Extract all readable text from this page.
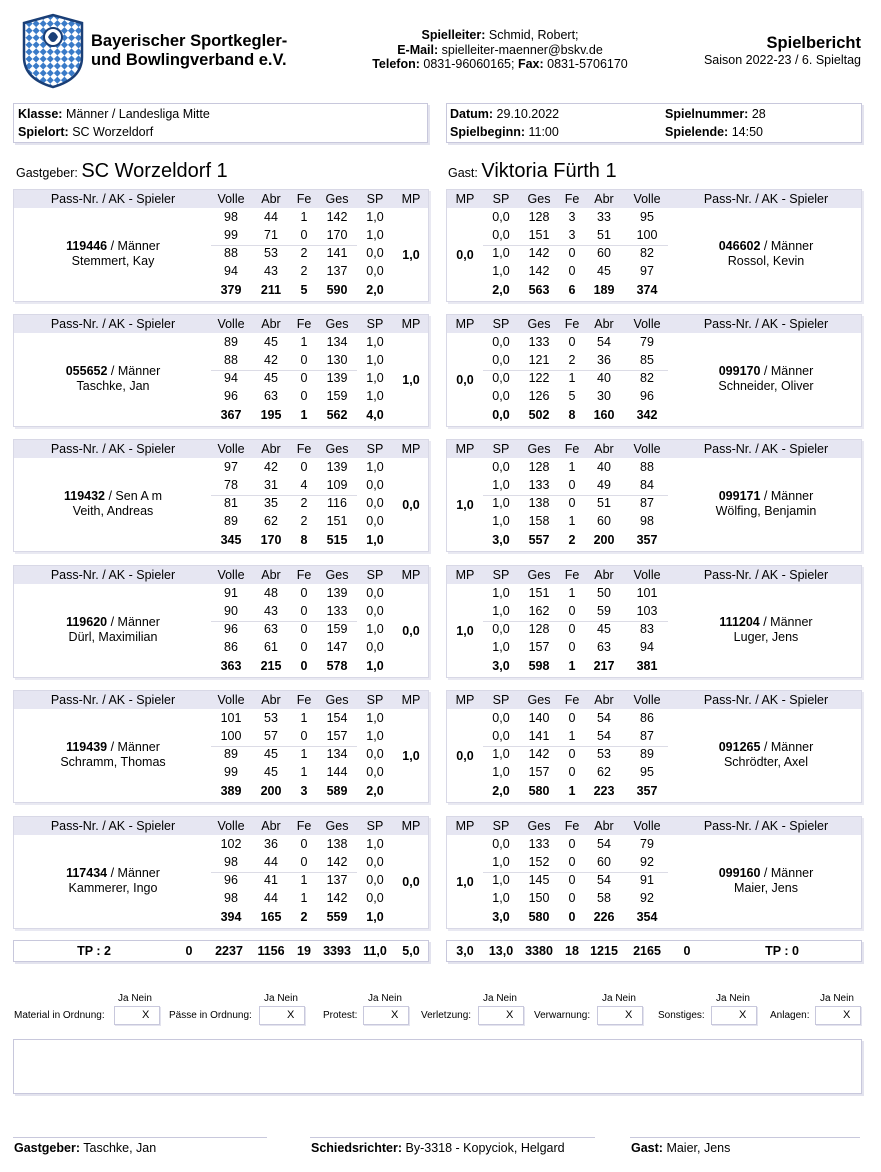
Bayerischer Sportkegler-
und Bowlingverband e.V.
Spielleiter: Schmid, Robert;
E-Mail: spielleiter-maenner@bskv.de
Telefon: 0831-96060165; Fax: 0831-5706170
Spielbericht
Saison 2022-23 / 6. Spieltag
Klasse: Männer / Landesliga Mitte
Spielort: SC Worzeldorf
Datum: 29.10.2022
Spielbeginn: 11:00
Spielnummer: 28
Spielende: 14:50
Gastgeber: SC Worzeldorf 1	Gast: Viktoria Fürth 1
Pass-Nr. / AK - Spieler	Volle	Abr	Fe	Ges	SP	MP
98	44	1	142	1,0
99	71	0	170	1,0
88	53	2	141	0,0
94	43	2	137	0,0
379	211	5	590	2,0
1,0
119446 / Männer
Stemmert, Kay
MP	SP	Ges	Fe	Abr	Volle	Pass-Nr. / AK - Spieler
0,0	128	3	33	95
0,0	151	3	51	100
1,0	142	0	60	82
1,0	142	0	45	97
2,0	563	6	189	374
0,0
046602 / Männer
Rossol, Kevin
Pass-Nr. / AK - Spieler	Volle	Abr	Fe	Ges	SP	MP
89	45	1	134	1,0
88	42	0	130	1,0
94	45	0	139	1,0
96	63	0	159	1,0
367	195	1	562	4,0
1,0
055652 / Männer
Taschke, Jan
MP	SP	Ges	Fe	Abr	Volle	Pass-Nr. / AK - Spieler
0,0	133	0	54	79
0,0	121	2	36	85
0,0	122	1	40	82
0,0	126	5	30	96
0,0	502	8	160	342
0,0
099170 / Männer
Schneider, Oliver
Pass-Nr. / AK - Spieler	Volle	Abr	Fe	Ges	SP	MP
97	42	0	139	1,0
78	31	4	109	0,0
81	35	2	116	0,0
89	62	2	151	0,0
345	170	8	515	1,0
0,0
119432 / Sen A m
Veith, Andreas
MP	SP	Ges	Fe	Abr	Volle	Pass-Nr. / AK - Spieler
0,0	128	1	40	88
1,0	133	0	49	84
1,0	138	0	51	87
1,0	158	1	60	98
3,0	557	2	200	357
1,0
099171 / Männer
Wölfing, Benjamin
Pass-Nr. / AK - Spieler	Volle	Abr	Fe	Ges	SP	MP
91	48	0	139	0,0
90	43	0	133	0,0
96	63	0	159	1,0
86	61	0	147	0,0
363	215	0	578	1,0
0,0
119620 / Männer
Dürl, Maximilian
MP	SP	Ges	Fe	Abr	Volle	Pass-Nr. / AK - Spieler
1,0	151	1	50	101
1,0	162	0	59	103
0,0	128	0	45	83
1,0	157	0	63	94
3,0	598	1	217	381
1,0
111204 / Männer
Luger, Jens
Pass-Nr. / AK - Spieler	Volle	Abr	Fe	Ges	SP	MP
101	53	1	154	1,0
100	57	0	157	1,0
89	45	1	134	0,0
99	45	1	144	0,0
389	200	3	589	2,0
1,0
119439 / Männer
Schramm, Thomas
MP	SP	Ges	Fe	Abr	Volle	Pass-Nr. / AK - Spieler
0,0	140	0	54	86
0,0	141	1	54	87
1,0	142	0	53	89
1,0	157	0	62	95
2,0	580	1	223	357
0,0
091265 / Männer
Schrödter, Axel
Pass-Nr. / AK - Spieler	Volle	Abr	Fe	Ges	SP	MP
102	36	0	138	1,0
98	44	0	142	0,0
96	41	1	137	0,0
98	44	1	142	0,0
394	165	2	559	1,0
0,0
117434 / Männer
Kammerer, Ingo
MP	SP	Ges	Fe	Abr	Volle	Pass-Nr. / AK - Spieler
0,0	133	0	54	79
1,0	152	0	60	92
1,0	145	0	54	91
1,0	150	0	58	92
3,0	580	0	226	354
1,0
099160 / Männer
Maier, Jens
TP : 2	0	2237	1156 19 3393 11,0	5,0	3,0	13,0 3380 18 1215	2165	0	TP : 0
Ja Nein
Material in Ordnung:	X
Ja Nein
Pässe in Ordnung:	X
Ja Nein
Protest:	X
Ja Nein
Verletzung:	X
Ja Nein
Verwarnung:	X
Ja Nein
Sonstiges:	X
Ja Nein
Anlagen:	X
Gastgeber: Taschke, Jan	Schiedsrichter: By-3318 - Kopyciok, Helgard	Gast: Maier, Jens
